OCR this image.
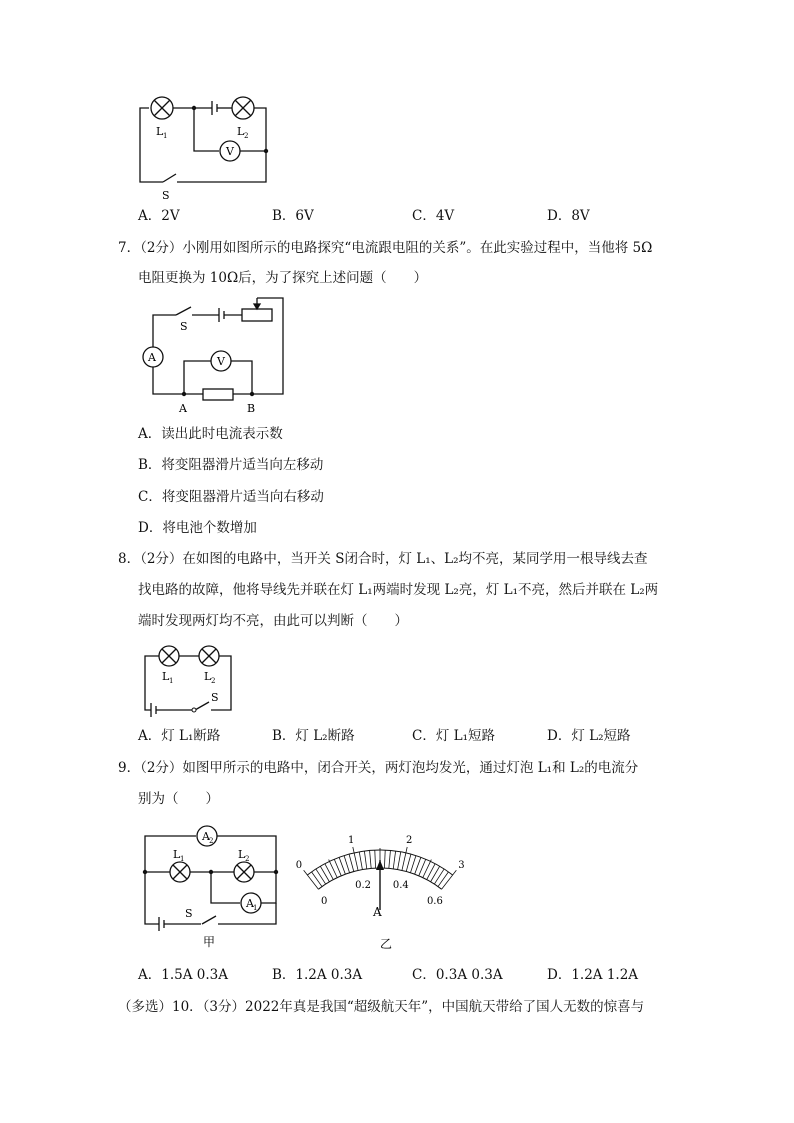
L 1	L 2
V
S
A．2V	B．6V	C．4V	D．8V
7．（2分）小刚用如图所示的电路探究“电流跟电阻的关系”。在此实验过程中，当他将 5Ω
电阻更换为 10Ω后，为了探究上述问题（　　）
S
A	V
A	B
A．读出此时电流表示数
B．将变阻器滑片适当向左移动
C．将变阻器滑片适当向右移动
D．将电池个数增加
8．（2分）在如图的电路中，当开关 S闭合时，灯 L₁、L₂均不亮，某同学用一根导线去查
找电路的故障，他将导线先并联在灯 L₁两端时发现 L₂亮，灯 L₁不亮，然后并联在 L₂两
端时发现两灯均不亮，由此可以判断（　　）
L 1	L 2
S
A．灯 L₁断路	B．灯 L₂断路	C．灯 L₁短路	D．灯 L₂短路
9．（2分）如图甲所示的电路中，闭合开关，两灯泡均发光，通过灯泡 L₁和 L₂的电流分
别为（　　）
A 2
L 1	L 2
A 1
S
甲
A
0
1	2
3
0
0.2 0.4
0.6
乙
A．1.5A 0.3A	B．1.2A 0.3A	C．0.3A 0.3A	D．1.2A 1.2A
（多选）10．（3分）2022年真是我国“超级航天年”，中国航天带给了国人无数的惊喜与
